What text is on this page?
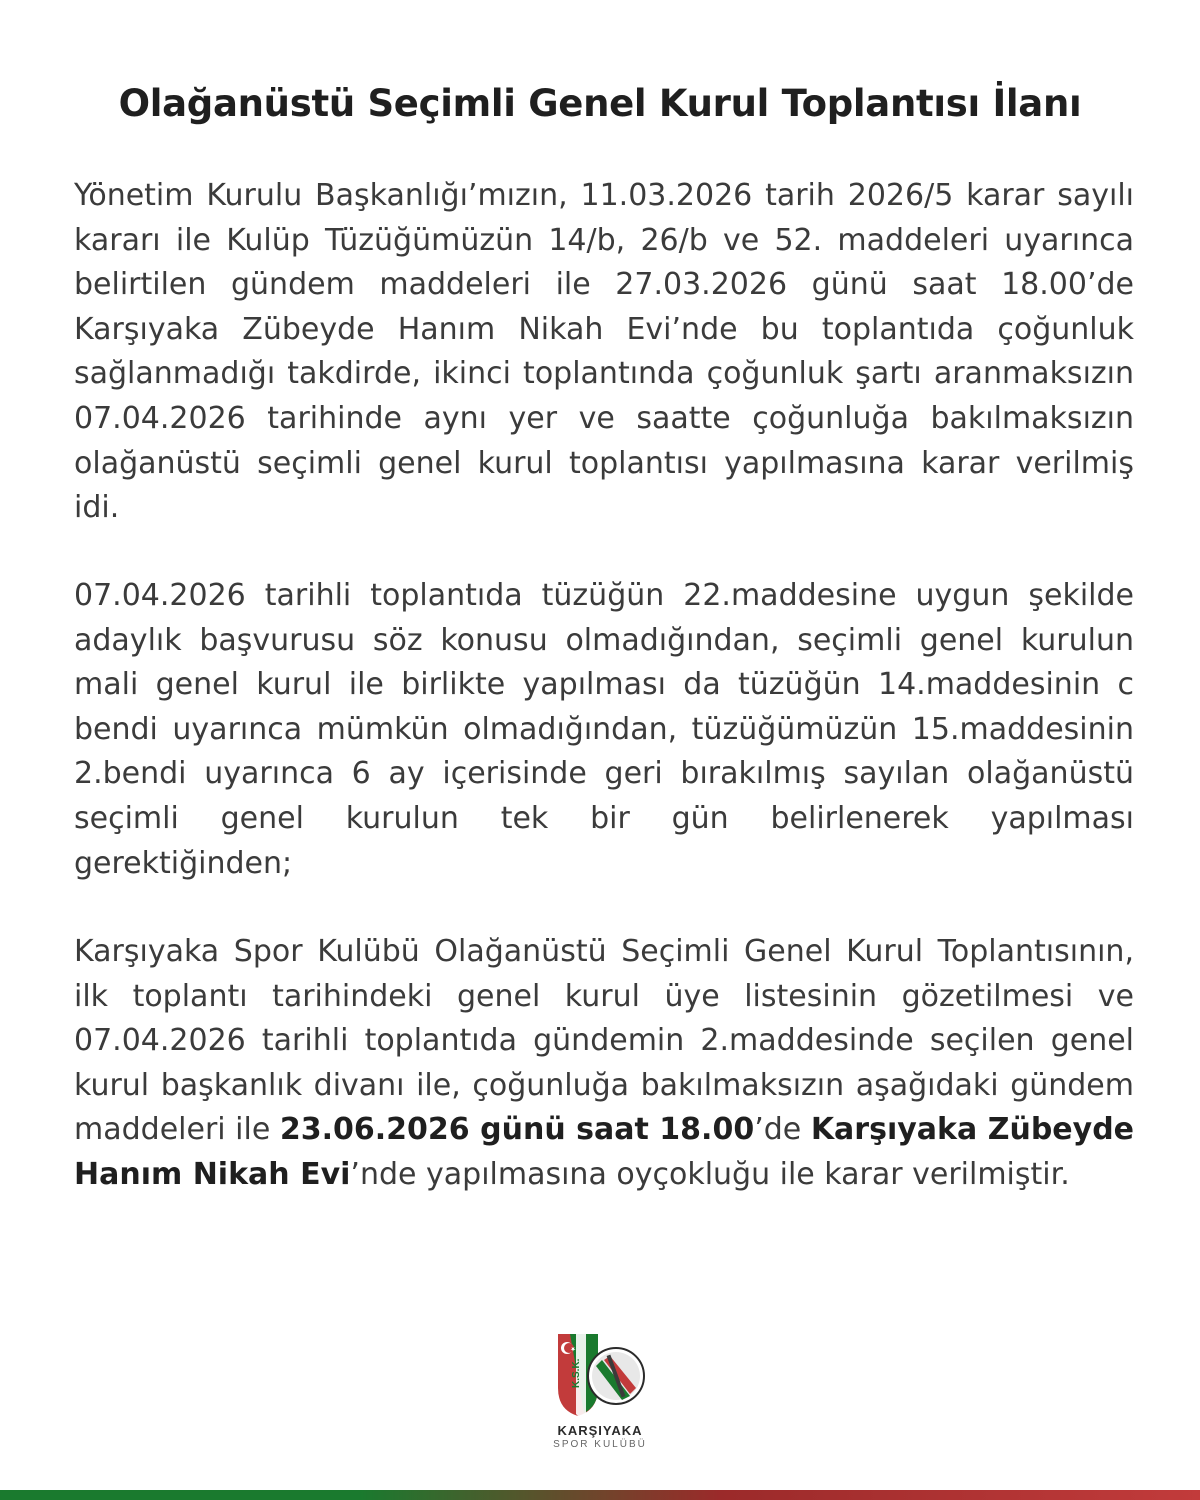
Olağanüstü Seçimli Genel Kurul Toplantısı İlanı
Yönetim Kurulu Başkanlığı’mızın, 11.03.2026 tarih 2026/5 karar sayılı kararı ile Kulüp Tüzüğümüzün 14/b, 26/b ve 52. maddeleri uyarınca belirtilen gündem maddeleri ile 27.03.2026 günü saat 18.00’de Karşıyaka Zübeyde Hanım Nikah Evi’nde bu toplantıda çoğunluk sağlanmadığı takdirde, ikinci toplantında çoğunluk şartı aranmaksızın 07.04.2026 tarihinde aynı yer ve saatte çoğunluğa bakılmaksızın olağanüstü seçimli genel kurul toplantısı yapılmasına karar verilmiş idi.
07.04.2026 tarihli toplantıda tüzüğün 22.maddesine uygun şekilde adaylık başvurusu söz konusu olmadığından, seçimli genel kurulun mali genel kurul ile birlikte yapılması da tüzüğün 14.maddesinin c bendi uyarınca mümkün olmadığından, tüzüğümüzün 15.maddesinin 2.bendi uyarınca 6 ay içerisinde geri bırakılmış sayılan olağanüstü seçimli genel kurulun tek bir gün belirlenerek yapılması gerektiğinden;
Karşıyaka Spor Kulübü Olağanüstü Seçimli Genel Kurul Toplantısının, ilk toplantı tarihindeki genel kurul üye listesinin gözetilmesi ve 07.04.2026 tarihli toplantıda gündemin 2.maddesinde seçilen genel kurul başkanlık divanı ile, çoğunluğa bakılmaksızın aşağıdaki gündem maddeleri ile 23.06.2026 günü saat 18.00’de Karşıyaka Zübeyde Hanım Nikah Evi’nde yapılmasına oyçokluğu ile karar verilmiştir.
K.S.K.
KARŞIYAKA
SPOR KULÜBÜ
